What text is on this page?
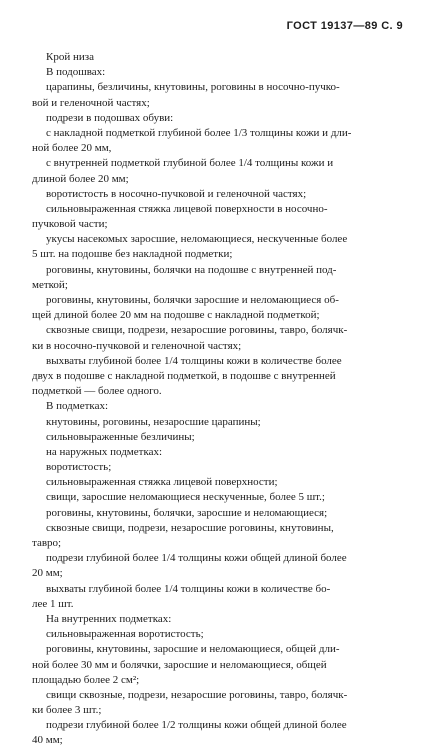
ГОСТ 19137—89 С. 9
Крой низа
В подошвах:
царапины, безличины, кнутовины, роговины в носочно-пучко-
вой и геленочной частях;
подрези в подошвах обуви:
с накладной подметкой глубиной более 1/3 толщины кожи и дли-
ной более 20 мм,
с внутренней подметкой глубиной более 1/4 толщины кожи и
длиной более 20 мм;
воротистость в носочно-пучковой и геленочной частях;
сильновыраженная стяжка лицевой поверхности в носочно-
пучковой части;
укусы насекомых заросшие, неломающиеся, нескученные более
5 шт. на подошве без накладной подметки;
роговины, кнутовины, болячки на подошве с внутренней под-
меткой;
роговины, кнутовины, болячки заросшие и неломающиеся об-
щей длиной более 20 мм на подошве с накладной подметкой;
сквозные свищи, подрези, незаросшие роговины, тавро, болячк-
ки в носочно-пучковой и геленочной частях;
выхваты глубиной более 1/4 толщины кожи в количестве более
двух в подошве с накладной подметкой, в подошве с внутренней
подметкой — более одного.
В подметках:
кнутовины, роговины, незаросшие царапины;
сильновыраженные безличины;
на наружных подметках:
воротистость;
сильновыраженная стяжка лицевой поверхности;
свищи, заросшие неломающиеся нескученные, более 5 шт.;
роговины, кнутовины, болячки, заросшие и неломающиеся;
сквозные свищи, подрези, незаросшие роговины, кнутовины,
тавро;
подрези глубиной более 1/4 толщины кожи общей длиной более
20 мм;
выхваты глубиной более 1/4 толщины кожи в количестве бо-
лее 1 шт.
На внутренних подметках:
сильновыраженная воротистость;
роговины, кнутовины, заросшие и неломающиеся, общей дли-
ной более 30 мм и болячки, заросшие и неломающиеся, общей
площадью более 2 см²;
свищи сквозные, подрези, незаросшие роговины, тавро, болячк-
ки более 3 шт.;
подрези глубиной более 1/2 толщины кожи общей длиной более
40 мм;
